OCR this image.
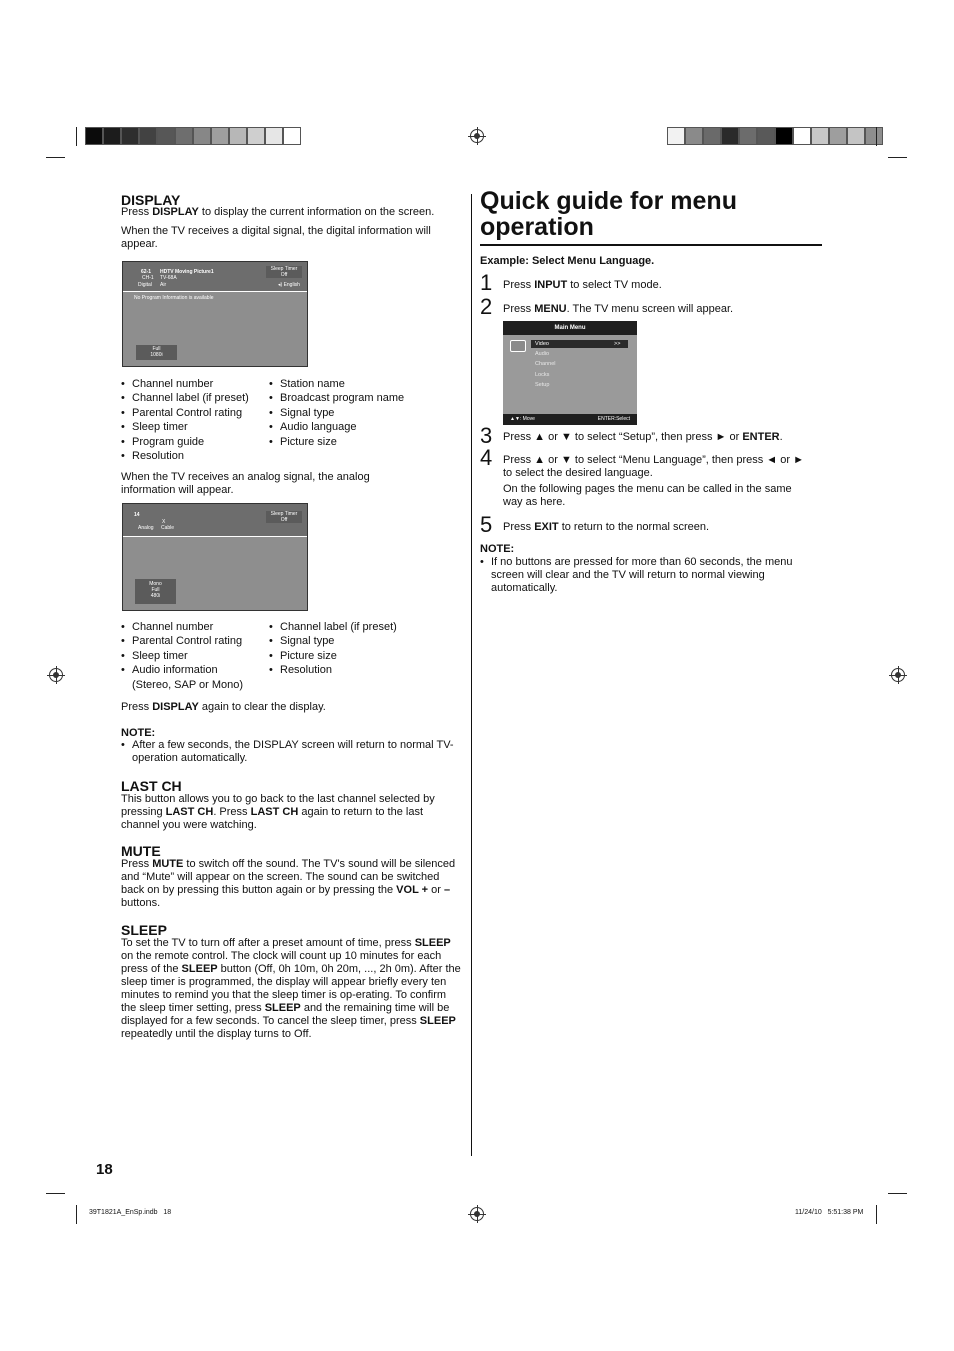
DISPLAY
Press DISPLAY to display the current information on the screen.
When the TV receives a digital signal, the digital information will appear.
62-1
CH-1
Digital
HDTV Moving Picture1
TV-68A
Air
Sleep Timer
Off
◂) English
No Program Information is available
Full
1080i
• Channel number
• Channel label (if preset)
• Parental Control rating
• Sleep timer
• Program guide
• Resolution
• Station name
• Broadcast program name
• Signal type
• Audio language
• Picture size
When the TV receives an analog signal, the analog information will appear.
14
Analog
X
Cable
Sleep Timer
Off
Mono
Full
480i
• Channel number
• Parental Control rating
• Sleep timer
• Audio information
(Stereo, SAP or Mono)
• Channel label (if preset)
• Signal type
• Picture size
• Resolution
Press DISPLAY again to clear the display.
NOTE:
• After a few seconds, the DISPLAY screen will return to normal TV-operation automatically.
LAST CH
This button allows you to go back to the last channel selected by pressing LAST CH. Press LAST CH again to return to the last channel you were watching.
MUTE
Press MUTE to switch off the sound. The TV's sound will be silenced and “Mute” will appear on the screen. The sound can be switched back on by pressing this button again or by pressing the VOL + or – buttons.
SLEEP
To set the TV to turn off after a preset amount of time, press SLEEP on the remote control. The clock will count up 10 minutes for each press of the SLEEP button (Off, 0h 10m, 0h 20m, ..., 2h 0m). After the sleep timer is programmed, the display will appear briefly every ten minutes to remind you that the sleep timer is op-erating. To confirm the sleep timer setting, press SLEEP and the remaining time will be displayed for a few seconds. To cancel the sleep timer, press SLEEP repeatedly until the display turns to Off.
18
Quick guide for menu
operation
Example: Select Menu Language.
1 Press INPUT to select TV mode.
2 Press MENU. The TV menu screen will appear.
Main Menu
Video	>>
Audio
Channel
Locks
Setup
▲▼: Move	ENTER:Select
3 Press ▲ or ▼ to select “Setup”, then press ► or ENTER.
4 Press ▲ or ▼ to select “Menu Language”, then press ◄ or ► to select the desired language.
On the following pages the menu can be called in the same way as here.
5 Press EXIT to return to the normal screen.
NOTE:
• If no buttons are pressed for more than 60 seconds, the menu screen will clear and the TV will return to normal viewing automatically.
39T1821A_EnSp.indb   18	11/24/10   5:51:38 PM
